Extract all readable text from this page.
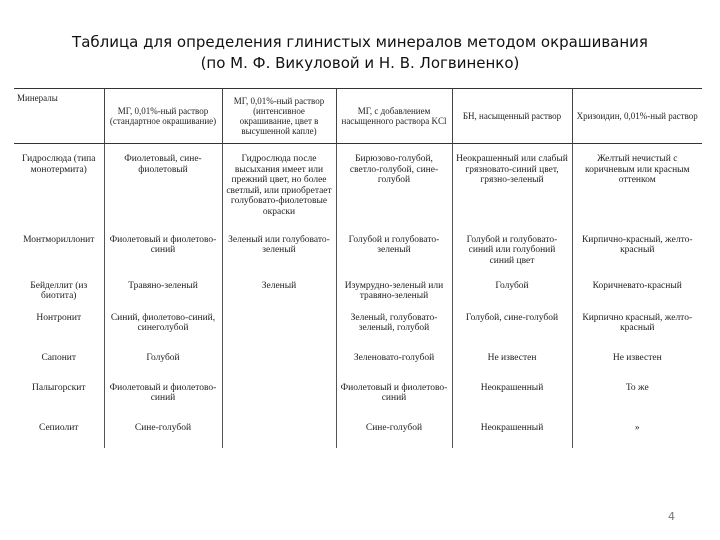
Таблица для определения глинистых минералов методом окрашивания
(по М. Ф. Викуловой и Н. В. Логвиненко)
Минералы	МГ, 0,01%-ный раствор (стандартное окрашивание)	МГ, 0,01%-ный раствор (интенсивное окрашивание, цвет в высушенной капле)	МГ, с добавлением насыщенного раствора KCl	БН, насыщенный раствор	Хризоидин, 0,01%-ный раствор
Гидрослюда (типа монотермита)	Фиолетовый, сине-фиолетовый	Гидрослюда после высыхания имеет или прежний цвет, но более светлый, или приобретает голубовато-фиолетовые окраски	Бирюзово-голубой, светло-голубой, сине-голубой	Неокрашенный или слабый грязновато-синий цвет, грязно-зеленый	Желтый нечистый с коричневым или красным оттенком
Монтмориллонит	Фиолетовый и фиолетово-синий	Зеленый или голубовато-зеленый	Голубой и голубовато-зеленый	Голубой и голубовато-синий или голубоний синий цвет	Кирпично-красный, желто-красный
Бейделлит (из биотита)	Травяно-зеленый	Зеленый	Изумрудно-зеленый или травяно-зеленый	Голубой	Коричневато-красный
Нонтронит	Синий, фиолетово-синий, синеголубой		Зеленый, голубовато-зеленый, голубой	Голубой, сине-голубой	Кирпично красный, желто-красный
Сапонит	Голубой		Зеленовато-голубой	Не известен	Не известен
Палыгорскит	Фиолетовый и фиолетово-синий		Фиолетовый и фиолетово-синий	Неокрашенный	То же
Сепиолит	Сине-голубой		Сине-голубой	Неокрашенный	»
4
